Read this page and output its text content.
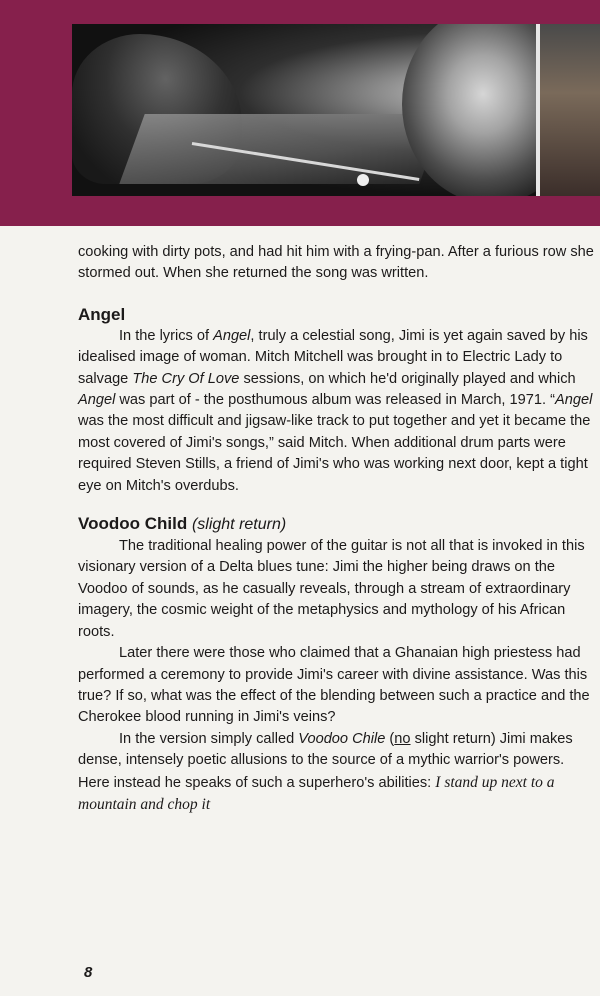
cooking with dirty pots, and had hit him with a frying-pan. After a furious row she stormed out. When she returned the song was written.

Angel

In the lyrics of Angel, truly a celestial song, Jimi is yet again saved by his idealised image of woman. Mitch Mitchell was brought in to Electric Lady to salvage The Cry Of Love sessions, on which he'd originally played and which Angel was part of - the posthumous album was released in March, 1971. “Angel was the most difficult and jigsaw-like track to put together and yet it became the most covered of Jimi's songs,” said Mitch. When additional drum parts were required Steven Stills, a friend of Jimi's who was working next door, kept a tight eye on Mitch's overdubs.

Voodoo Child (slight return)

The traditional healing power of the guitar is not all that is invoked in this visionary version of a Delta blues tune: Jimi the higher being draws on the Voodoo of sounds, as he casually reveals, through a stream of extraordinary imagery, the cosmic weight of the metaphysics and mythology of his African roots.

Later there were those who claimed that a Ghanaian high priestess had performed a ceremony to provide Jimi's career with divine assistance. Was this true? If so, what was the effect of the blending between such a practice and the Cherokee blood running in Jimi's veins?

In the version simply called Voodoo Chile (no slight return) Jimi makes dense, intensely poetic allusions to the source of a mythic warrior's powers. Here instead he speaks of such a superhero's abilities: I stand up next to a mountain and chop it

8
